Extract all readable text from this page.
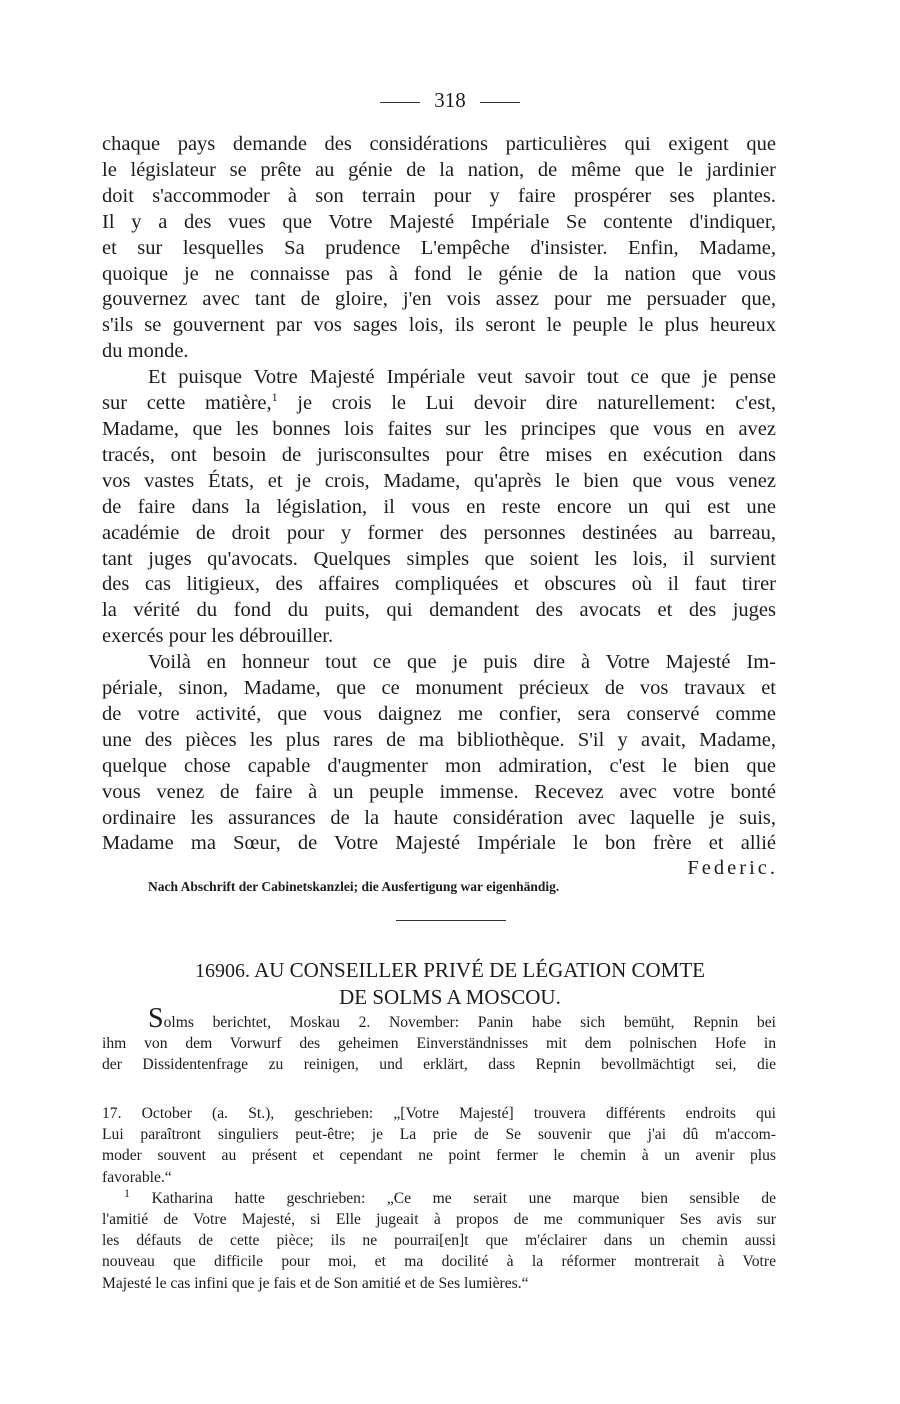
318
chaque pays demande des considérations particulières qui exigent que
le législateur se prête au génie de la nation, de même que le jardinier
doit s'accommoder à son terrain pour y faire prospérer ses plantes.
Il y a des vues que Votre Majesté Impériale Se contente d'indiquer,
et sur lesquelles Sa prudence L'empêche d'insister. Enfin, Madame,
quoique je ne connaisse pas à fond le génie de la nation que vous
gouvernez avec tant de gloire, j'en vois assez pour me persuader que,
s'ils se gouvernent par vos sages lois, ils seront le peuple le plus heureux
du monde.
Et puisque Votre Majesté Impériale veut savoir tout ce que je pense
sur cette matière,$^1$ je crois le Lui devoir dire naturellement: c'est,
Madame, que les bonnes lois faites sur les principes que vous en avez
tracés, ont besoin de jurisconsultes pour être mises en exécution dans
vos vastes États, et je crois, Madame, qu'après le bien que vous venez
de faire dans la législation, il vous en reste encore un qui est une
académie de droit pour y former des personnes destinées au barreau,
tant juges qu'avocats. Quelques simples que soient les lois, il survient
des cas litigieux, des affaires compliquées et obscures où il faut tirer
la vérité du fond du puits, qui demandent des avocats et des juges
exercés pour les débrouiller.
Voilà en honneur tout ce que je puis dire à Votre Majesté Im-
périale, sinon, Madame, que ce monument précieux de vos travaux et
de votre activité, que vous daignez me confier, sera conservé comme
une des pièces les plus rares de ma bibliothèque. S'il y avait, Madame,
quelque chose capable d'augmenter mon admiration, c'est le bien que
vous venez de faire à un peuple immense. Recevez avec votre bonté
ordinaire les assurances de la haute considération avec laquelle je suis,
Madame ma Sœur, de Votre Majesté Impériale le bon frère et allié
Federic.
Nach Abschrift der Cabinetskanzlei; die Ausfertigung war eigenhändig.
16906. AU CONSEILLER PRIVÉ DE LÉGATION COMTE
DE SOLMS A MOSCOU.
Solms berichtet, Moskau 2. November: Panin habe sich bemüht, Repnin bei
ihm von dem Vorwurf des geheimen Einverständnisses mit dem polnischen Hofe in
der Dissidentenfrage zu reinigen, und erklärt, dass Repnin bevollmächtigt sei, die
17. October (a. St.), geschrieben: „[Votre Majesté] trouvera différents endroits qui
Lui paraîtront singuliers peut-être; je La prie de Se souvenir que j'ai dû m'accom-
moder souvent au présent et cependant ne point fermer le chemin à un avenir plus
favorable.“
$^1$ Katharina hatte geschrieben: „Ce me serait une marque bien sensible de
l'amitié de Votre Majesté, si Elle jugeait à propos de me communiquer Ses avis sur
les défauts de cette pièce; ils ne pourrai[en]t que m'éclairer dans un chemin aussi
nouveau que difficile pour moi, et ma docilité à la réformer montrerait à Votre
Majesté le cas infini que je fais et de Son amitié et de Ses lumières.“
